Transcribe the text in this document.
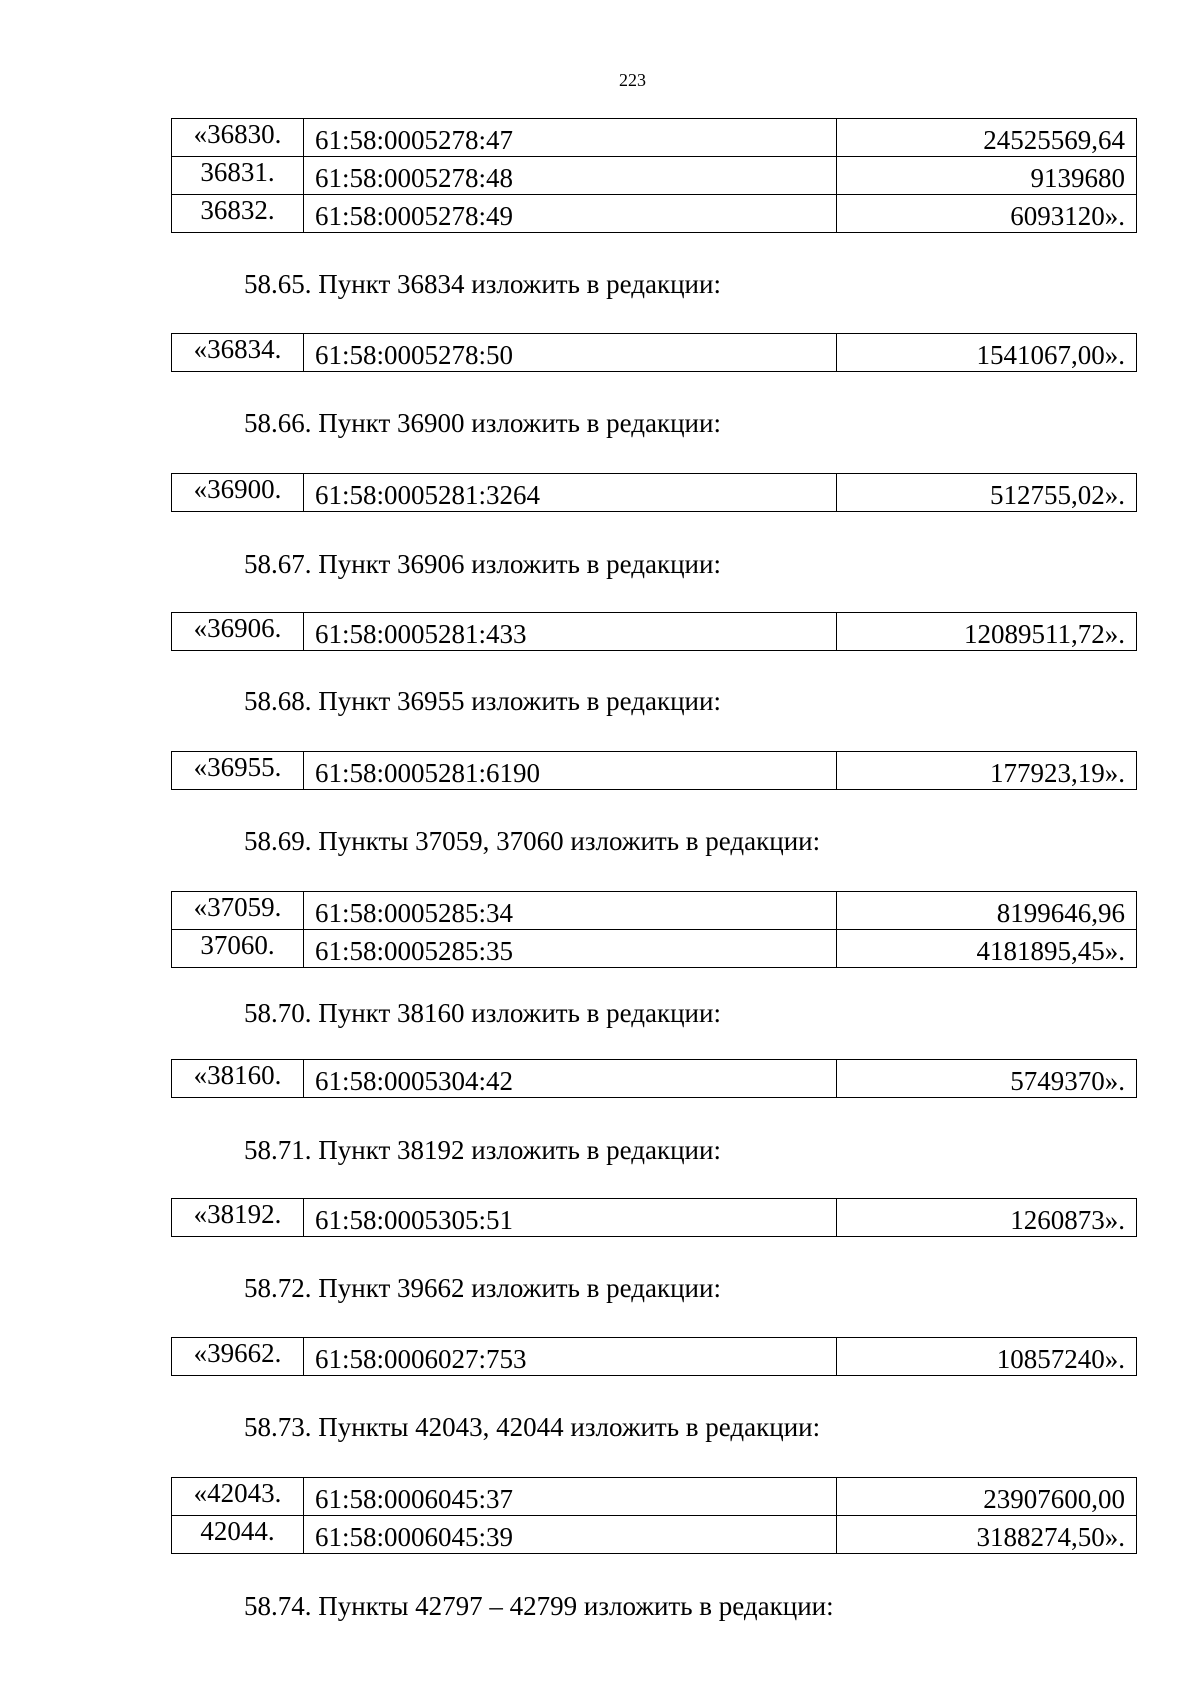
223
«36830.	61:58:0005278:47	24525569,64
36831.	61:58:0005278:48	9139680
36832.	61:58:0005278:49	6093120».

58.65. Пункт 36834 изложить в редакции:

«36834.	61:58:0005278:50	1541067,00».

58.66. Пункт 36900 изложить в редакции:

«36900.	61:58:0005281:3264	512755,02».

58.67. Пункт 36906 изложить в редакции:

«36906.	61:58:0005281:433	12089511,72».

58.68. Пункт 36955 изложить в редакции:

«36955.	61:58:0005281:6190	177923,19».

58.69. Пункты 37059, 37060 изложить в редакции:

«37059.	61:58:0005285:34	8199646,96
37060.	61:58:0005285:35	4181895,45».

58.70. Пункт 38160 изложить в редакции:

«38160.	61:58:0005304:42	5749370».

58.71. Пункт 38192 изложить в редакции:

«38192.	61:58:0005305:51	1260873».

58.72. Пункт 39662 изложить в редакции:

«39662.	61:58:0006027:753	10857240».

58.73. Пункты 42043, 42044 изложить в редакции:

«42043.	61:58:0006045:37	23907600,00
42044.	61:58:0006045:39	3188274,50».

58.74. Пункты 42797 – 42799 изложить в редакции:
